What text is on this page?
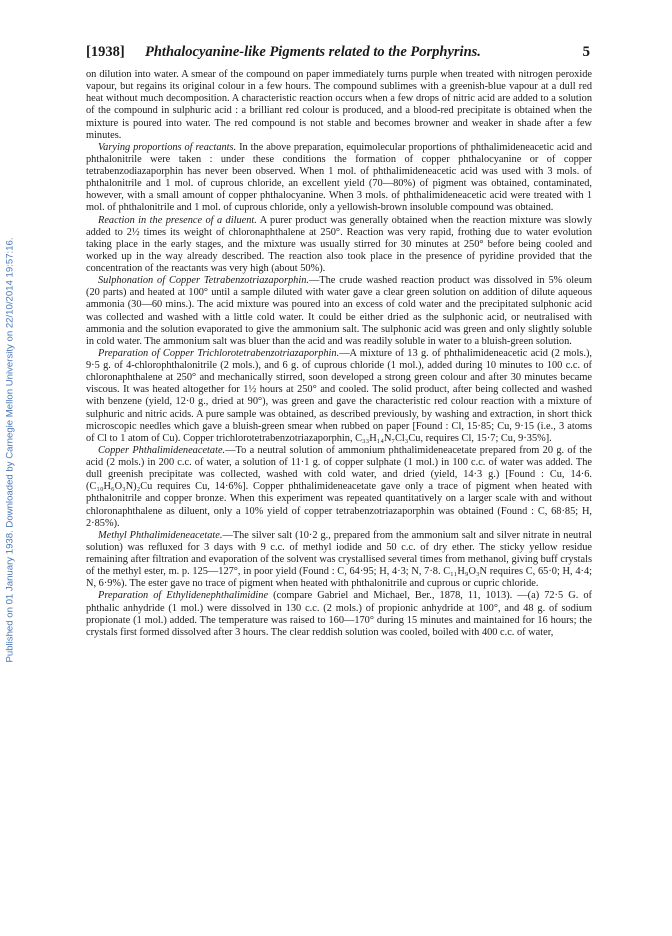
[1938] Phthalocyanine-like Pigments related to the Porphyrins.	5
Published on 01 January 1938. Downloaded by Carnegie Mellon University on 22/10/2014 19:57:16.

on dilution into water. A smear of the compound on paper immediately turns purple when treated with nitrogen peroxide vapour, but regains its original colour in a few hours. The compound sublimes with a greenish-blue vapour at a dull red heat without much decomposition. A characteristic reaction occurs when a few drops of nitric acid are added to a solution of the compound in sulphuric acid : a brilliant red colour is produced, and a blood-red precipitate is obtained when the mixture is poured into water. The red compound is not stable and becomes browner and weaker in shade after a few minutes.

Varying proportions of reactants. In the above preparation, equimolecular proportions of phthalimideneacetic acid and phthalonitrile were taken : under these conditions the formation of copper phthalocyanine or of copper tetrabenzodiazaporphin has never been observed. When 1 mol. of phthalimideneacetic acid was used with 3 mols. of phthalonitrile and 1 mol. of cuprous chloride, an excellent yield (70—80%) of pigment was obtained, contaminated, however, with a small amount of copper phthalocyanine. When 3 mols. of phthalimideneacetic acid were treated with 1 mol. of phthalonitrile and 1 mol. of cuprous chloride, only a yellowish-brown insoluble compound was obtained.

Reaction in the presence of a diluent. A purer product was generally obtained when the reaction mixture was slowly added to 2½ times its weight of chloronaphthalene at 250°. Reaction was very rapid, frothing due to water evolution taking place in the early stages, and the mixture was usually stirred for 30 minutes at 250° before being cooled and worked up in the way already described. The reaction also took place in the presence of pyridine provided that the concentration of the reactants was very high (about 50%).

Sulphonation of Copper Tetrabenzotriazaporphin.—The crude washed reaction product was dissolved in 5% oleum (20 parts) and heated at 100° until a sample diluted with water gave a clear green solution on addition of dilute aqueous ammonia (30—60 mins.). The acid mixture was poured into an excess of cold water and the precipitated sulphonic acid was collected and washed with a little cold water. It could be either dried as the sulphonic acid, or neutralised with ammonia and the solution evaporated to give the ammonium salt. The sulphonic acid was green and only slightly soluble in cold water. The ammonium salt was bluer than the acid and was readily soluble in water to a bluish-green solution.

Preparation of Copper Trichlorotetrabenzotriazaporphin.—A mixture of 13 g. of phthalimideneacetic acid (2 mols.), 9·5 g. of 4-chlorophthalonitrile (2 mols.), and 6 g. of cuprous chloride (1 mol.), added during 10 minutes to 100 c.c. of chloronaphthalene at 250° and mechanically stirred, soon developed a strong green colour and after 30 minutes became viscous. It was heated altogether for 1½ hours at 250° and cooled. The solid product, after being collected and washed with benzene (yield, 12·0 g., dried at 90°), was green and gave the characteristic red colour reaction with a mixture of sulphuric and nitric acids. A pure sample was obtained, as described previously, by washing and extraction, in short thick microscopic needles which gave a bluish-green smear when rubbed on paper [Found : Cl, 15·85; Cu, 9·15 (i.e., 3 atoms of Cl to 1 atom of Cu). Copper trichlorotetrabenzotriazaporphin, C₃₃H₁₄N₇Cl₃Cu, requires Cl, 15·7; Cu, 9·35%].

Copper Phthalimideneacetate.—To a neutral solution of ammonium phthalimideneacetate prepared from 20 g. of the acid (2 mols.) in 200 c.c. of water, a solution of 11·1 g. of copper sulphate (1 mol.) in 100 c.c. of water was added. The dull greenish precipitate was collected, washed with cold water, and dried (yield, 14·3 g.) [Found : Cu, 14·6. (C₁₀H₆O₃N)₂Cu requires Cu, 14·6%]. Copper phthalimideneacetate gave only a trace of pigment when heated with phthalonitrile and copper bronze. When this experiment was repeated quantitatively on a larger scale with and without chloronaphthalene as diluent, only a 10% yield of copper tetrabenzotriazaporphin was obtained (Found : C, 68·85; H, 2·85%).

Methyl Phthalimideneacetate.—The silver salt (10·2 g., prepared from the ammonium salt and silver nitrate in neutral solution) was refluxed for 3 days with 9 c.c. of methyl iodide and 50 c.c. of dry ether. The sticky yellow residue remaining after filtration and evaporation of the solvent was crystallised several times from methanol, giving buff crystals of the methyl ester, m. p. 125—127°, in poor yield (Found : C, 64·95; H, 4·3; N, 7·8. C₁₁H₉O₃N requires C, 65·0; H, 4·4; N, 6·9%). The ester gave no trace of pigment when heated with phthalonitrile and cuprous or cupric chloride.

Preparation of Ethylidenephthalimidine (compare Gabriel and Michael, Ber., 1878, 11, 1013). —(a) 72·5 G. of phthalic anhydride (1 mol.) were dissolved in 130 c.c. (2 mols.) of propionic anhydride at 100°, and 48 g. of sodium propionate (1 mol.) added. The temperature was raised to 160—170° during 15 minutes and maintained for 16 hours; the crystals first formed dissolved after 3 hours. The clear reddish solution was cooled, boiled with 400 c.c. of water,
